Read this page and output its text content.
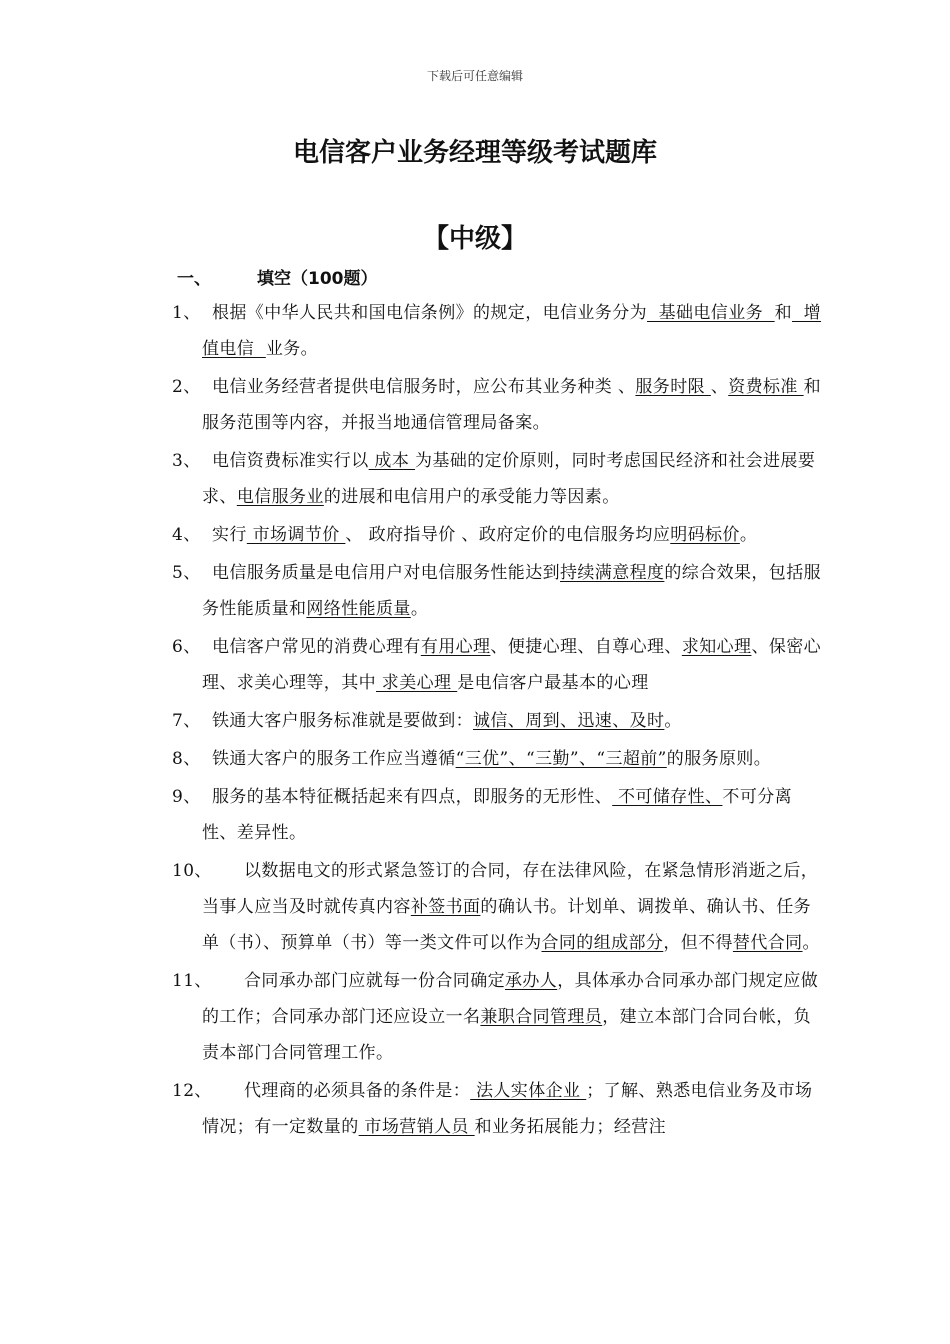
下载后可任意编辑
电信客户业务经理等级考试题库
【中级】
一、	填空（100题）
1、 根据《中华人民共和国电信条例》的规定，电信业务分为  基础电信业务  和  增值电信  业务。
2、 电信业务经营者提供电信服务时，应公布其业务种类 、服务时限 、资费标准 和服务范围等内容，并报当地通信管理局备案。
3、 电信资费标准实行以 成本 为基础的定价原则，同时考虑国民经济和社会进展要求、电信服务业的进展和电信用户的承受能力等因素。
4、 实行 市场调节价 、 政府指导价 、政府定价的电信服务均应明码标价。
5、 电信服务质量是电信用户对电信服务性能达到持续满意程度的综合效果，包括服务性能质量和网络性能质量。
6、 电信客户常见的消费心理有有用心理、便捷心理、自尊心理、求知心理、保密心理、求美心理等，其中 求美心理 是电信客户最基本的心理
7、 铁通大客户服务标准就是要做到：诚信、周到、迅速、及时。
8、 铁通大客户的服务工作应当遵循“三优”、“三勤”、“三超前”的服务原则。
9、 服务的基本特征概括起来有四点，即服务的无形性、 不可储存性、不可分离性、差异性。
10、	以数据电文的形式紧急签订的合同，存在法律风险，在紧急情形消逝之后，当事人应当及时就传真内容补签书面的确认书。计划单、调拨单、确认书、任务单（书）、预算单（书）等一类文件可以作为合同的组成部分，但不得替代合同。
11、	合同承办部门应就每一份合同确定承办人，具体承办合同承办部门规定应做的工作；合同承办部门还应设立一名兼职合同管理员，建立本部门合同台帐，负责本部门合同管理工作。
12、	代理商的必须具备的条件是： 法人实体企业 ；了解、熟悉电信业务及市场情况；有一定数量的 市场营销人员 和业务拓展能力；经营注
